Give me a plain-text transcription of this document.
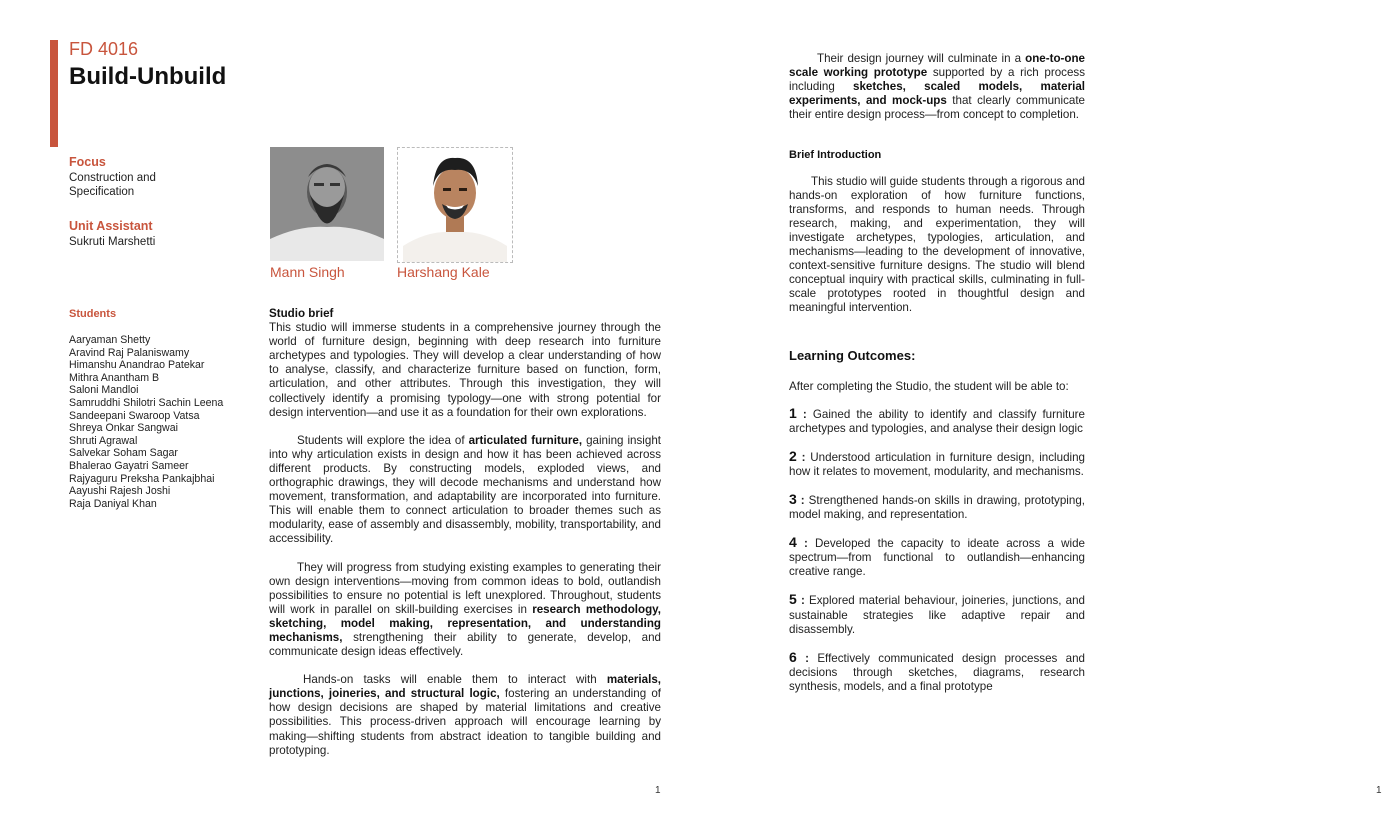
FD 4016
Build-Unbuild
Focus
Construction and
Specification
Unit Assistant
Sukruti Marshetti
Students
Aaryaman Shetty
Aravind Raj Palaniswamy
Himanshu Anandrao Patekar
Mithra Anantham B
Saloni Mandloi
Samruddhi Shilotri Sachin Leena
Sandeepani Swaroop Vatsa
Shreya Onkar Sangwai
Shruti Agrawal
Salvekar Soham Sagar
Bhalerao Gayatri Sameer
Rajyaguru Preksha Pankajbhai
Aayushi Rajesh Joshi
Raja Daniyal Khan
Mann Singh	Harshang Kale
Studio brief

This studio will immerse students in a comprehensive journey through the world of furniture design, beginning with deep research into furniture archetypes and typologies. They will develop a clear understanding of how to analyse, classify, and characterize furniture based on function, form, articulation, and other attributes. Through this investigation, they will collectively identify a promising typology—one with strong potential for design intervention—and use it as a foundation for their own explorations.

Students will explore the idea of articulated furniture, gaining insight into why articulation exists in design and how it has been achieved across different products. By constructing models, exploded views, and orthographic drawings, they will decode mechanisms and understand how movement, transformation, and adaptability are incorporated into furniture. This will enable them to connect articulation to broader themes such as modularity, ease of assembly and disassembly, mobility, transportability, and accessibility.

They will progress from studying existing examples to generating their own design interventions—moving from common ideas to bold, outlandish possibilities to ensure no potential is left unexplored. Throughout, students will work in parallel on skill-building exercises in research methodology, sketching, model making, representation, and understanding mechanisms, strengthening their ability to generate, develop, and communicate design ideas effectively.

Hands-on tasks will enable them to interact with materials, junctions, joineries, and structural logic, fostering an understanding of how design decisions are shaped by material limitations and creative possibilities. This process-driven approach will encourage learning by making—shifting students from abstract ideation to tangible building and prototyping.

1

Their design journey will culminate in a one-to-one scale working prototype supported by a rich process including sketches, scaled models, material experiments, and mock-ups that clearly communicate their entire design process—from concept to completion.

Brief Introduction

This studio will guide students through a rigorous and hands-on exploration of how furniture functions, transforms, and responds to human needs. Through research, making, and experimentation, they will investigate archetypes, typologies, articulation, and mechanisms—leading to the development of innovative, context-sensitive furniture designs. The studio will blend conceptual inquiry with practical skills, culminating in full-scale prototypes rooted in thoughtful design and meaningful intervention.

Learning Outcomes:

After completing the Studio, the student will be able to:

1 : Gained the ability to identify and classify furniture archetypes and typologies, and analyse their design logic

2 : Understood articulation in furniture design, including how it relates to movement, modularity, and mechanisms.

3 : Strengthened hands-on skills in drawing, prototyping, model making, and representation.

4 : Developed the capacity to ideate across a wide spectrum—from functional to outlandish—enhancing creative range.

5 : Explored material behaviour, joineries, junctions, and sustainable strategies like adaptive repair and disassembly.

6 : Effectively communicated design processes and decisions through sketches, diagrams, research synthesis, models, and a final prototype

1
